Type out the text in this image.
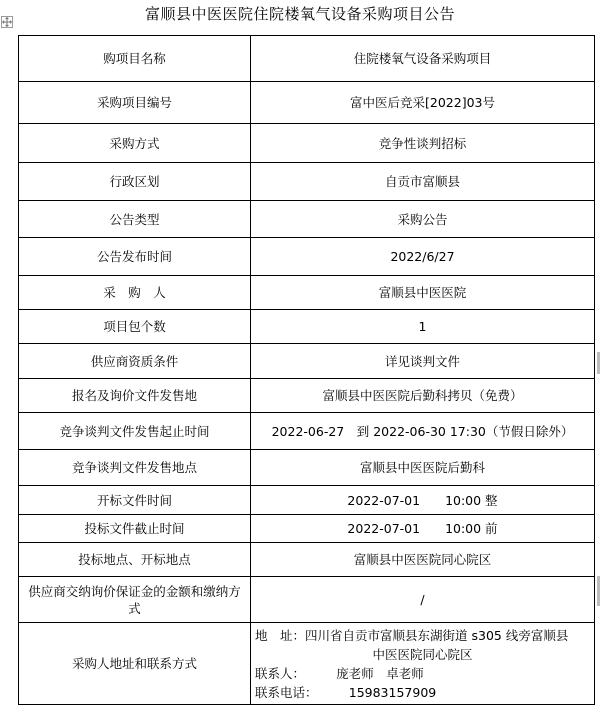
富顺县中医医院住院楼氧气设备采购项目公告
购项目名称	住院楼氧气设备采购项目
采购项目编号	富中医后竞采[2022]03号
采购方式	竞争性谈判招标
行政区划	自贡市富顺县
公告类型	采购公告
公告发布时间	2022/6/27
采　购　人	富顺县中医医院
项目包个数	1
供应商资质条件	详见谈判文件
报名及询价文件发售地	富顺县中医医院后勤科拷贝（免费）
竞争谈判文件发售起止时间	2022-06-27　到 2022-06-30 17:30（节假日除外）
竞争谈判文件发售地点	富顺县中医医院后勤科
开标文件时间	2022-07-01　　10:00 整
投标文件截止时间	2022-07-01　　10:00 前
投标地点、开标地点	富顺县中医医院同心院区
供应商交纳询价保证金的金额和缴纳方式	/
采购人地址和联系方式	地　址：四川省自贡市富顺县东湖街道 s305 线旁富顺县
中医医院同心院区
联系人：　　　庞老师　卓老师
联系电话：　　　15983157909
